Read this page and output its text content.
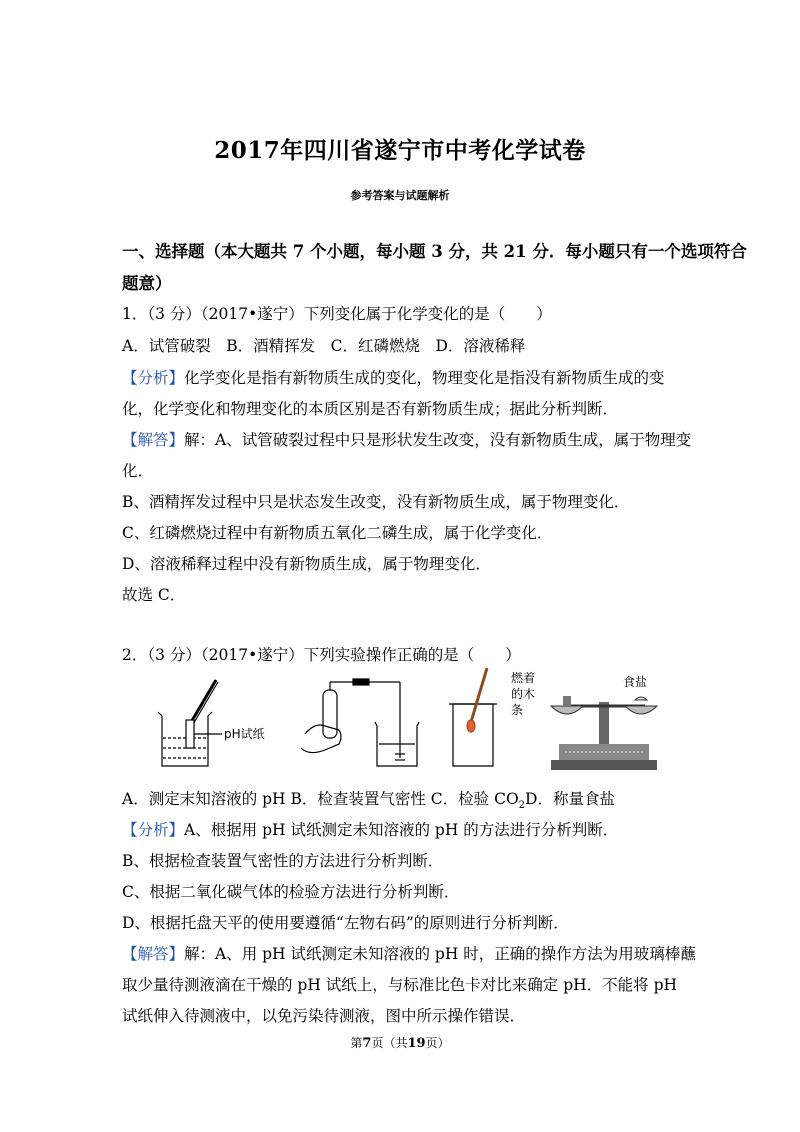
2017年四川省遂宁市中考化学试卷
参考答案与试题解析
一、选择题（本大题共 7 个小题，每小题 3 分，共 21 分．每小题只有一个选项符合
题意）
1．（3 分）（2017•遂宁）下列变化属于化学变化的是（　　）
A．试管破裂　B．酒精挥发　C．红磷燃烧　D．溶液稀释
【分析】化学变化是指有新物质生成的变化，物理变化是指没有新物质生成的变
化，化学变化和物理变化的本质区别是否有新物质生成；据此分析判断．
【解答】解：A、试管破裂过程中只是形状发生改变，没有新物质生成，属于物理变
化．
B、酒精挥发过程中只是状态发生改变，没有新物质生成，属于物理变化．
C、红磷燃烧过程中有新物质五氧化二磷生成，属于化学变化．
D、溶液稀释过程中没有新物质生成，属于物理变化．
故选 C．
2．（3 分）（2017•遂宁）下列实验操作正确的是（　　）
pH试纸
燃着
的木
条
食盐
A．测定末知溶液的 pH B．检查装置气密性 C．检验 $CO_2D$．称量食盐
【分析】A、根据用 pH 试纸测定未知溶液的 pH 的方法进行分析判断．
B、根据检查装置气密性的方法进行分析判断．
C、根据二氧化碳气体的检验方法进行分析判断．
D、根据托盘天平的使用要遵循“左物右码”的原则进行分析判断．
【解答】解：A、用 pH 试纸测定未知溶液的 pH 时，正确的操作方法为用玻璃棒蘸
取少量待测液滴在干燥的 pH 试纸上，与标准比色卡对比来确定 pH．不能将 pH
试纸伸入待测液中，以免污染待测液，图中所示操作错误．
第7页（共19页）
